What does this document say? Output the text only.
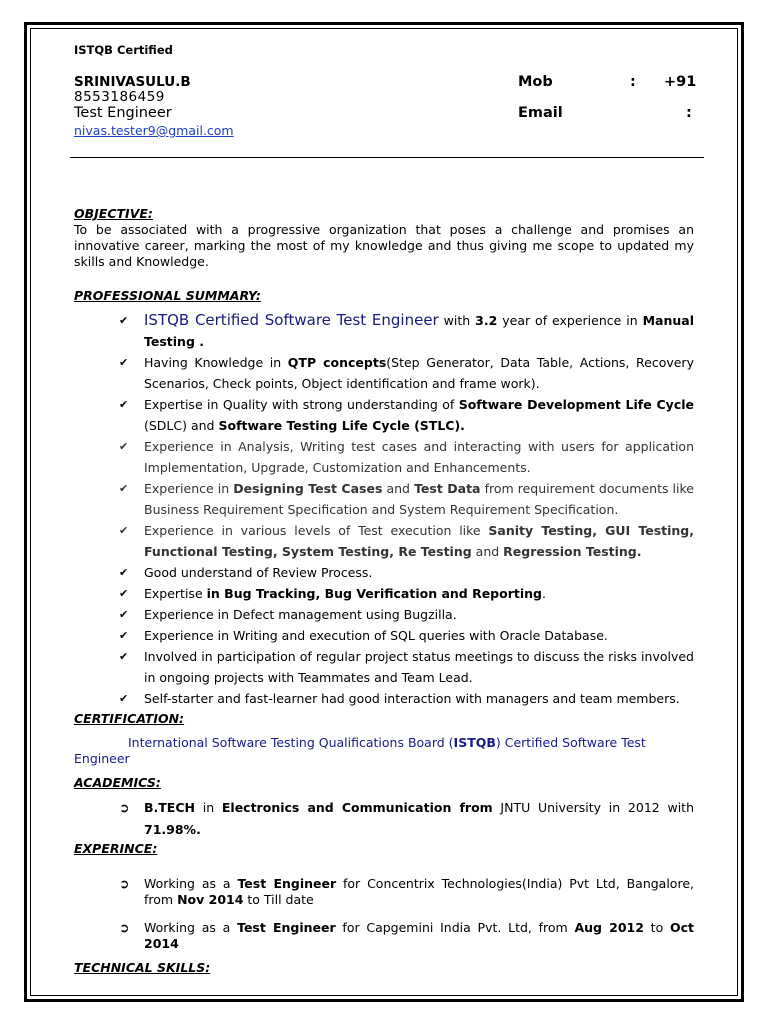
ISTQB Certified
SRINIVASULU.B
8553186459
Test Engineer
nivas.tester9@gmail.com
Mob	: +91
Email	:
OBJECTIVE:
To be associated with a progressive organization that poses a challenge and promises an innovative career, marking the most of my knowledge and thus giving me scope to updated my skills and Knowledge.
PROFESSIONAL SUMMARY:
✔ ISTQB Certified Software Test Engineer with 3.2 year of experience in Manual Testing .
✔ Having Knowledge in QTP concepts(Step Generator, Data Table, Actions, Recovery Scenarios, Check points, Object identification and frame work).
✔ Expertise in Quality with strong understanding of Software Development Life Cycle (SDLC) and Software Testing Life Cycle (STLC).
✔ Experience in Analysis, Writing test cases and interacting with users for application Implementation, Upgrade, Customization and Enhancements.
✔ Experience in Designing Test Cases and Test Data from requirement documents like Business Requirement Specification and System Requirement Specification.
✔ Experience in various levels of Test execution like Sanity Testing, GUI Testing, Functional Testing, System Testing, Re Testing and Regression Testing.
✔ Good understand of Review Process.
✔ Expertise in Bug Tracking, Bug Verification and Reporting.
✔ Experience in Defect management using Bugzilla.
✔ Experience in Writing and execution of SQL queries with Oracle Database.
✔ Involved in participation of regular project status meetings to discuss the risks involved in ongoing projects with Teammates and Team Lead.
✔ Self-starter and fast-learner had good interaction with managers and team members.
CERTIFICATION:
International Software Testing Qualifications Board (ISTQB) Certified Software Test Engineer
ACADEMICS:
➲ B.TECH in Electronics and Communication from JNTU University in 2012 with 71.98%.
EXPERINCE:
➲ Working as a Test Engineer for Concentrix Technologies(India) Pvt Ltd, Bangalore, from Nov 2014 to Till date
➲ Working as a Test Engineer for Capgemini India Pvt. Ltd, from Aug 2012 to Oct 2014
TECHNICAL SKILLS:
